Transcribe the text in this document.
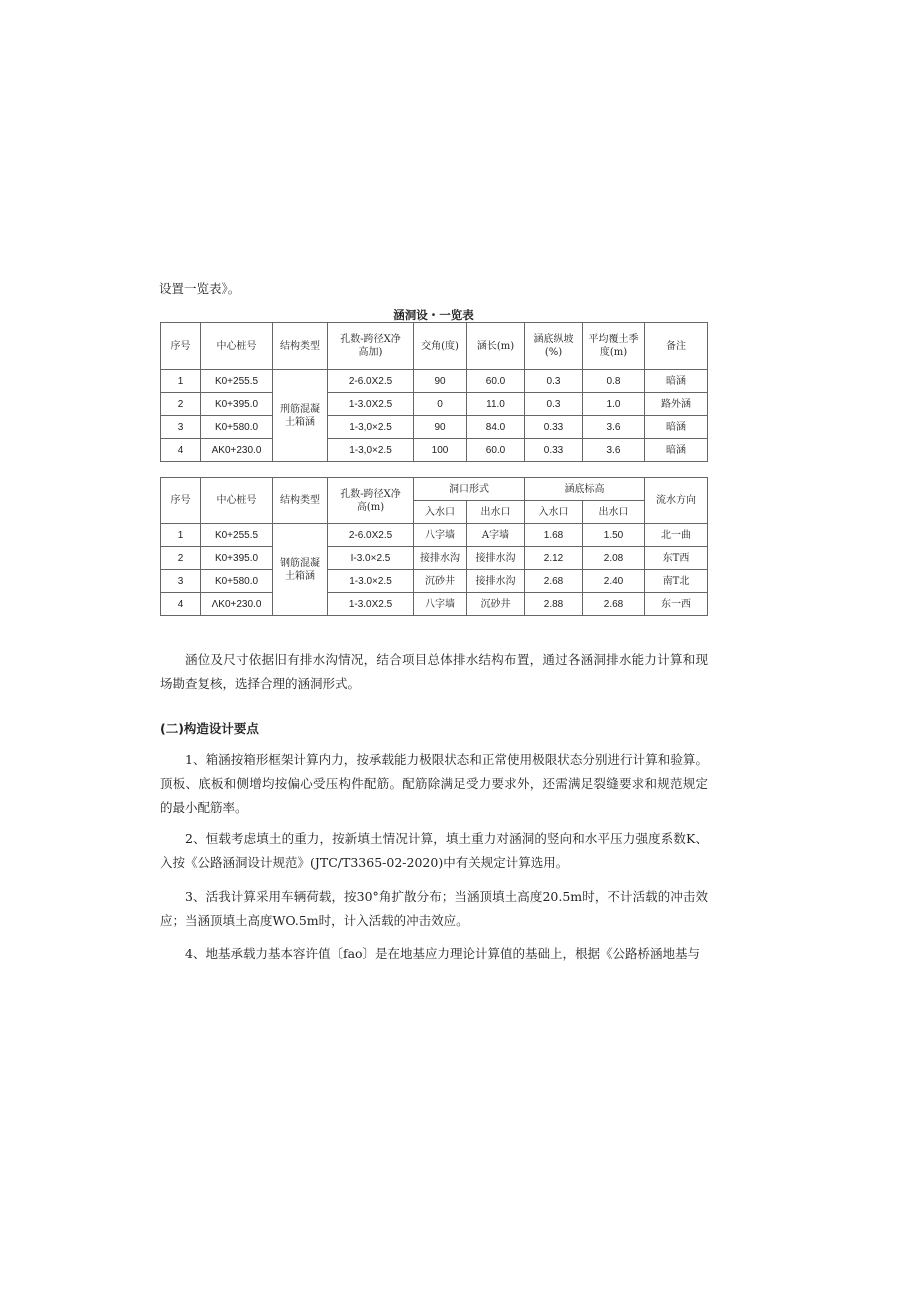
设置一览表》。
涵洞设・一览表
序号	中心桩号	结构类型	孔数-跨径X净高加)	交角(度)	涵长(m)	涵底纵坡(%)	平均覆土季度(m)	备注
1	K0+255.5	刑筋混凝土箱涵	2-6.0X2.5	90	60.0	0.3	0.8	暗涵
2	K0+395.0		1-3.0X2.5	0	11.0	0.3	1.0	路外涵
3	K0+580.0		1-3,0×2.5	90	84.0	0.33	3.6	暗涵
4	AK0+230.0		1-3,0×2.5	100	60.0	0.33	3.6	暗涵
序号	中心桩号	结构类型	孔数-跨径X净高(m)	洞口形式		涵底标高		流水方向
				入水口	出水口	入水口	出水口	
1	K0+255.5	钢筋混凝土箱涵	2-6.0X2.5	八字墙	A字墙	1.68	1.50	北一曲
2	K0+395.0		I-3.0×2.5	接排水沟	接排水沟	2.12	2.08	东T西
3	K0+580.0		1-3.0×2.5	沉砂井	接排水沟	2.68	2.40	南T北
4	ΛK0+230.0		1-3.0X2.5	八字墙	沉砂井	2.88	2.68	东一西

涵位及尺寸依据旧有排水沟情况，结合项目总体排水结构布置，通过各涵洞排水能力计算和现场勘查复核，选择合理的涵洞形式。

(二)构造设计要点

1、箱涵按箱形框架计算内力，按承载能力极限状态和正常使用极限状态分别进行计算和验算。顶板、底板和侧增均按偏心受压构件配筋。配筋除满足受力要求外，还需满足裂缝要求和规范规定的最小配筋率。

2、恒载考虑填土的重力，按新填土情况计算，填土重力对涵洞的竖向和水平压力强度系数K、入按《公路涵洞设计规范》(JTC/T3365-02-2020)中有关规定计算选用。

3、活我计算采用车辆荷载，按30°角扩散分布；当涵顶填土高度20.5m时，不计活载的冲击效应；当涵顶填土高度WO.5m时，计入活载的冲击效应。

4、地基承载力基本容许值〔fao〕是在地基应力理论计算值的基础上，根据《公路桥涵地基与
